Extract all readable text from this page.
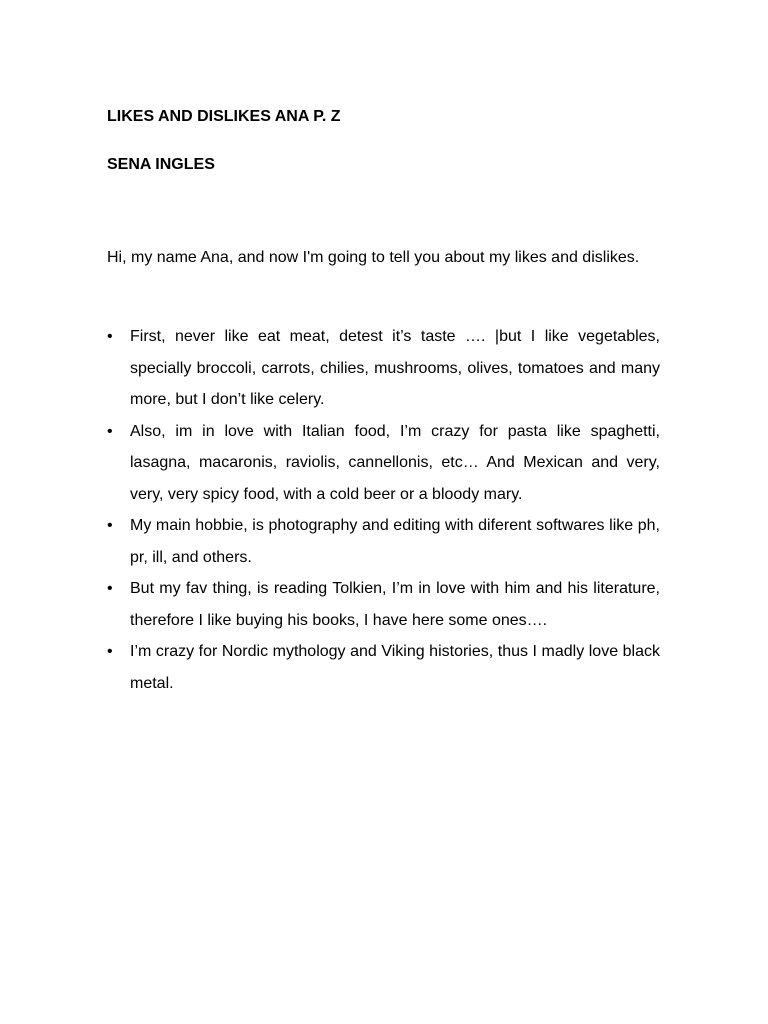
LIKES AND DISLIKES ANA P. Z
SENA INGLES

Hi, my name Ana, and now I'm going to tell you about my likes and dislikes.

•	First, never like eat meat, detest it’s taste …. |but I like vegetables, specially broccoli, carrots, chilies, mushrooms, olives, tomatoes and many more, but I don’t like celery.
•	Also, im in love with Italian food, I’m crazy for pasta like spaghetti, lasagna, macaronis, raviolis, cannellonis, etc… And Mexican and very, very, very spicy food, with a cold beer or a bloody mary.
•	My main hobbie, is photography and editing with diferent softwares like ph, pr, ill, and others.
•	But my fav thing, is reading Tolkien, I’m in love with him and his literature, therefore I like buying his books, I have here some ones….
•	I’m crazy for Nordic mythology and Viking histories, thus I madly love black metal.
